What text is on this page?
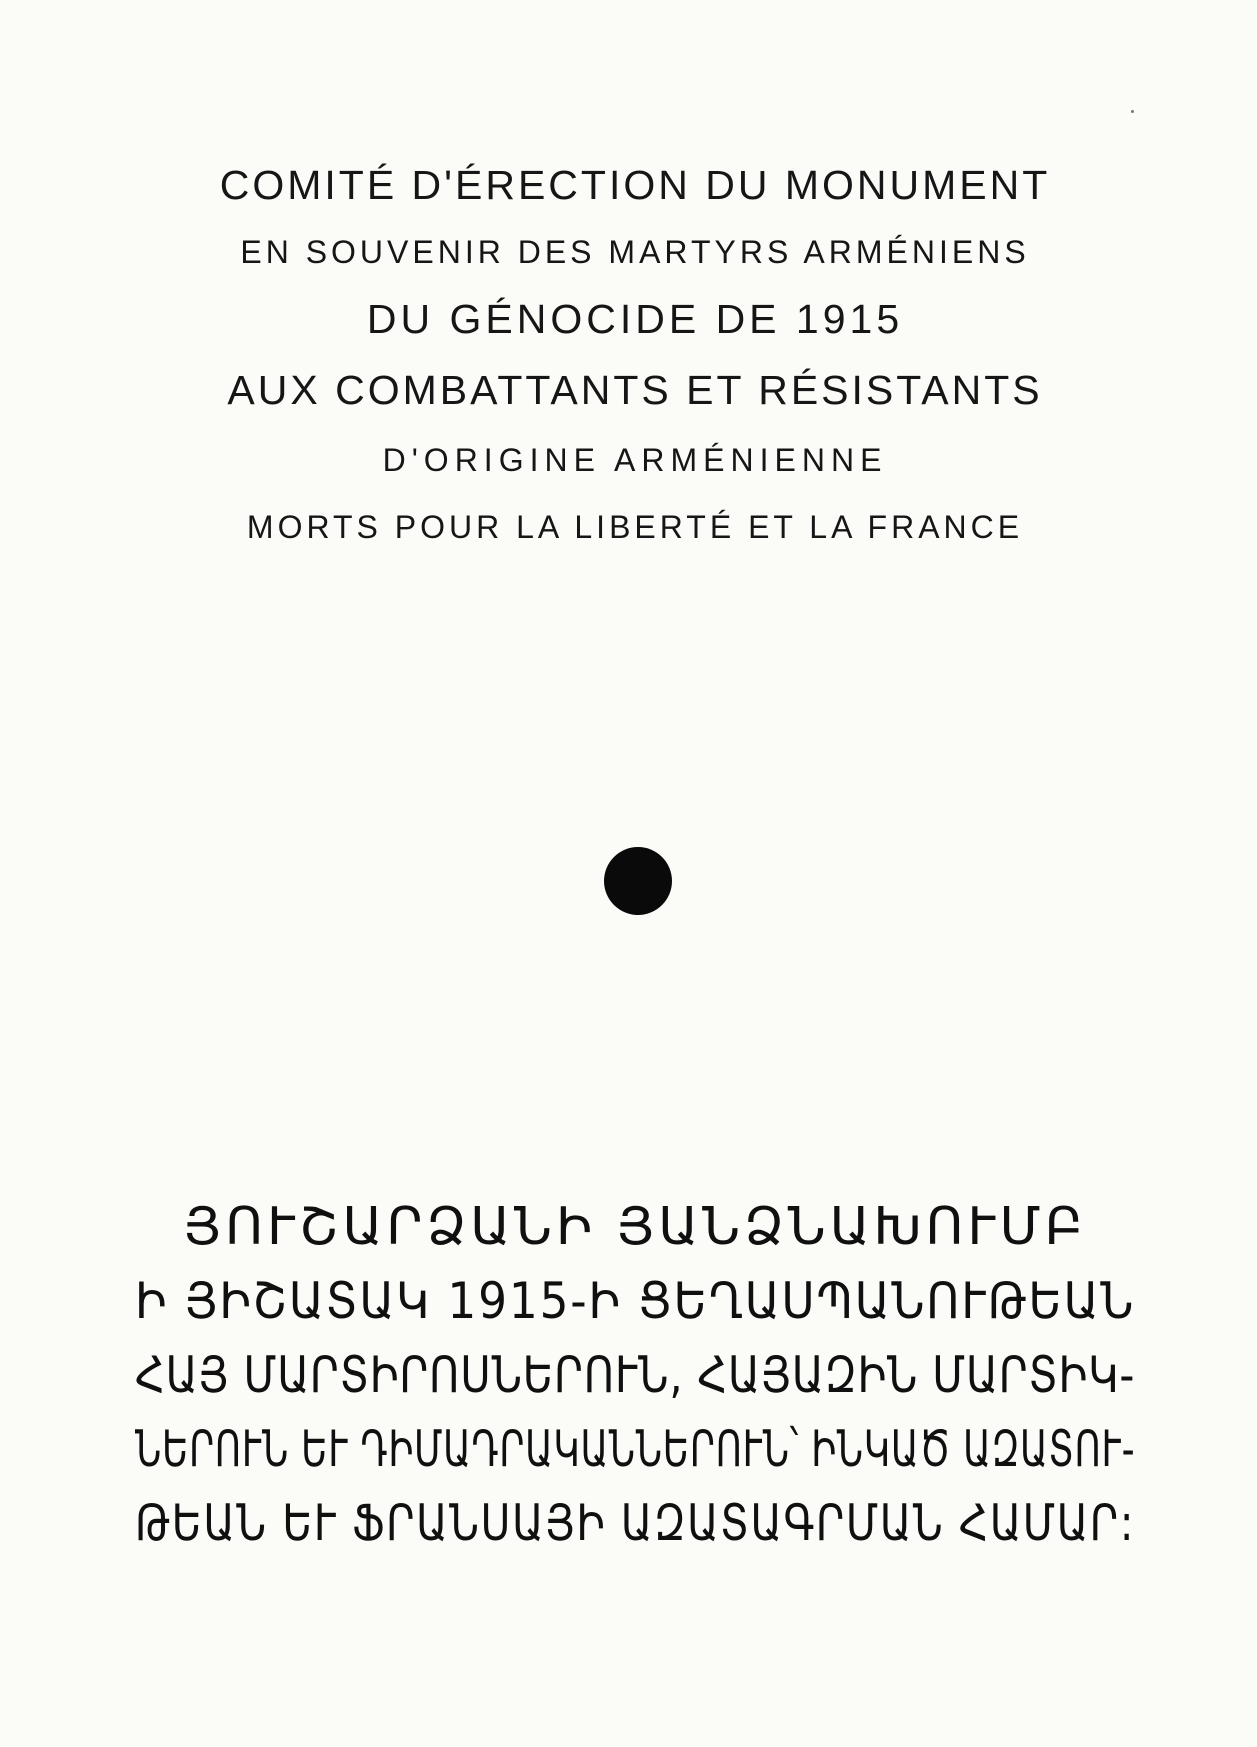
COMITÉ D'ÉRECTION DU MONUMENT
EN SOUVENIR DES MARTYRS ARMÉNIENS
DU GÉNOCIDE DE 1915
AUX COMBATTANTS ET RÉSISTANTS
D'ORIGINE ARMÉNIENNE
MORTS POUR LA LIBERTÉ ET LA FRANCE
ՅՈՒՇԱՐՁԱՆԻ ՅԱՆՁՆԱԽՈՒՄԲ
Ի ՅԻՇԱՏԱԿ 1915-Ի ՑԵՂԱՍՊԱՆՈՒԹԵԱՆ
ՀԱՅ ՄԱՐՏԻՐՈՍՆԵՐՈՒՆ, ՀԱՅԱԶԻՆ ՄԱՐՏԻԿ-
ՆԵՐՈՒՆ ԵՒ ԴԻՄԱԴՐԱԿԱՆՆԵՐՈՒՆ՝ ԻՆԿԱԾ ԱԶԱՏՈՒ-
ԹԵԱՆ ԵՒ ՖՐԱՆՍԱՅԻ ԱԶԱՏԱԳՐՄԱՆ ՀԱՄԱՐ:
